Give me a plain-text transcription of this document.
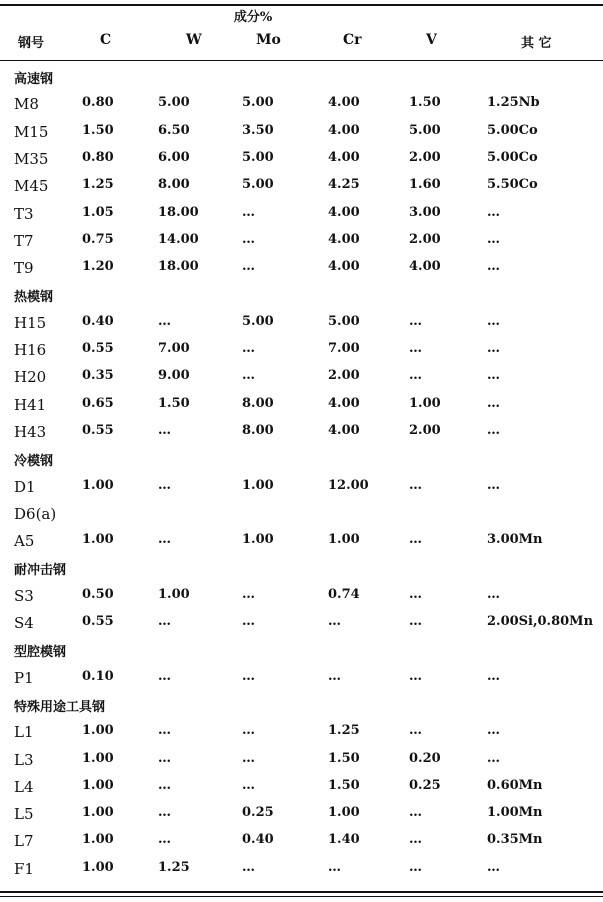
成分%
钢号	C	W	Mo	Cr	V	其 它
高速钢
M8	0.80	5.00	5.00	4.00	1.50	1.25Nb
M15	1.50	6.50	3.50	4.00	5.00	5.00Co
M35	0.80	6.00	5.00	4.00	2.00	5.00Co
M45	1.25	8.00	5.00	4.25	1.60	5.50Co
T3	1.05	18.00	…	4.00	3.00	…
T7	0.75	14.00	…	4.00	2.00	…
T9	1.20	18.00	…	4.00	4.00	…
热模钢
H15	0.40	…	5.00	5.00	…	…
H16	0.55	7.00	…	7.00	…	…
H20	0.35	9.00	…	2.00	…	…
H41	0.65	1.50	8.00	4.00	1.00	…
H43	0.55	…	8.00	4.00	2.00	…
冷模钢
D1	1.00	…	1.00	12.00	…	…
D6(a)
A5	1.00	…	1.00	1.00	…	3.00Mn
耐冲击钢
S3	0.50	1.00	…	0.74	…	…
S4	0.55	…	…	…	…	2.00Si,0.80Mn
型腔模钢
P1	0.10	…	…	…	…	…
特殊用途工具钢
L1	1.00	…	…	1.25	…	…
L3	1.00	…	…	1.50	0.20	…
L4	1.00	…	…	1.50	0.25	0.60Mn
L5	1.00	…	0.25	1.00	…	1.00Mn
L7	1.00	…	0.40	1.40	…	0.35Mn
F1	1.00	1.25	…	…	…	…
